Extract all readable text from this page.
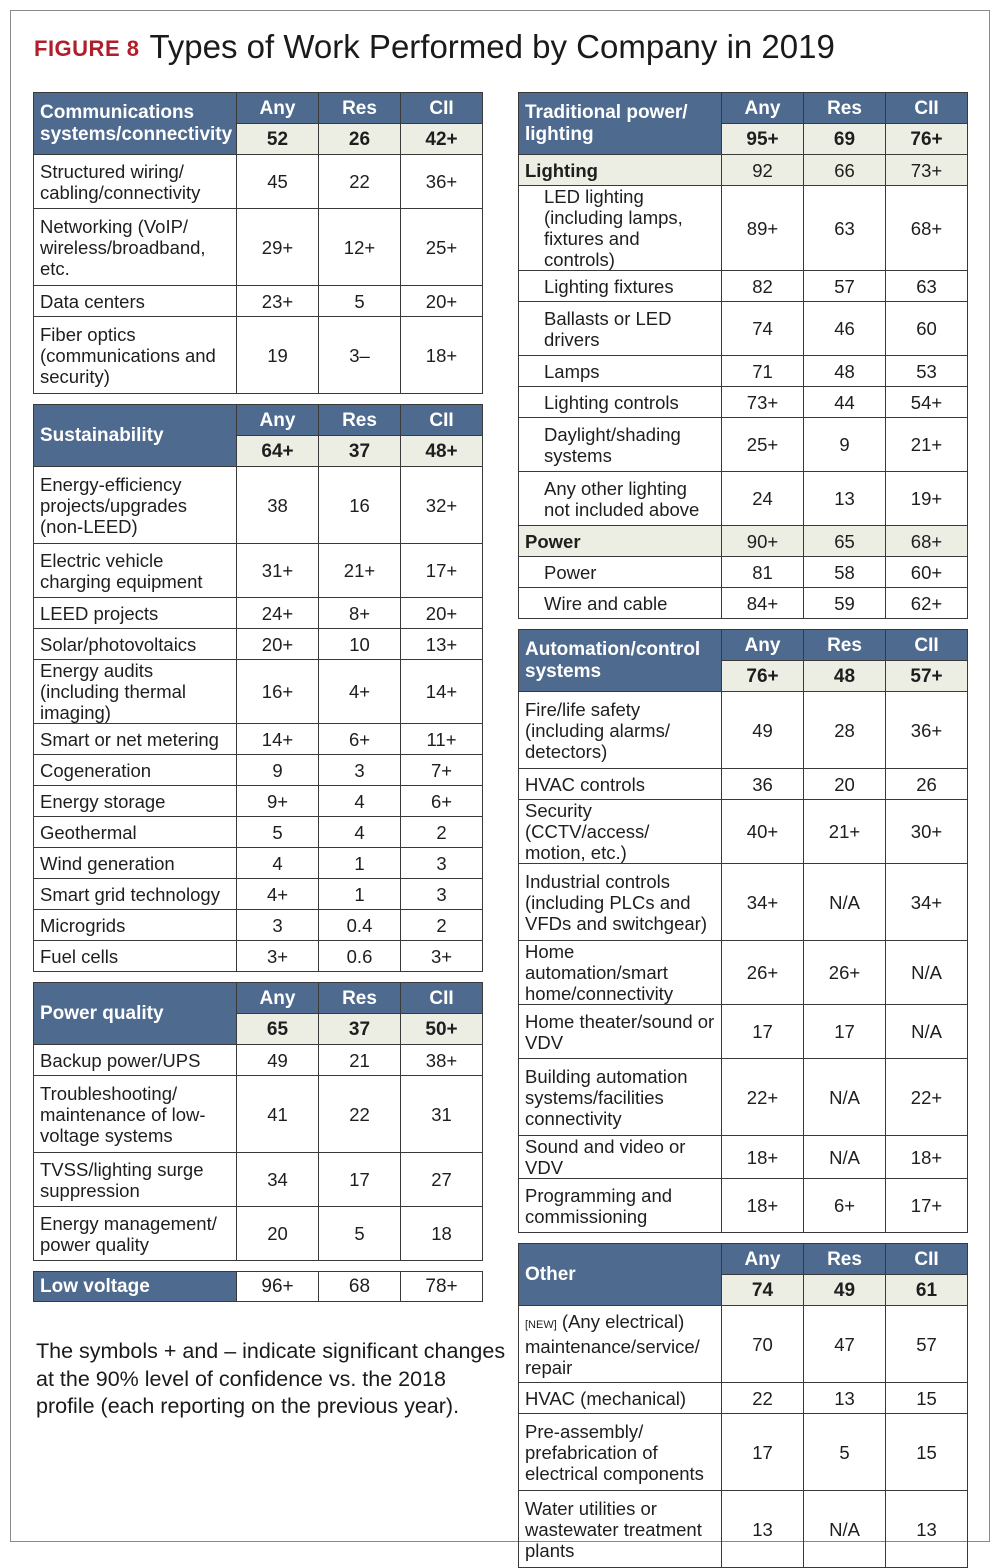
FIGURE 8 Types of Work Performed by Company in 2019
Communications systems/connectivity	Any	Res	CII
	52	26	42+
Structured wiring/ cabling/connectivity	45	22	36+
Networking (VoIP/ wireless/broadband, etc.	29+	12+	25+
Data centers	23+	5	20+
Fiber optics (communications and security)	19	3–	18+
Sustainability	Any	Res	CII
	64+	37	48+
Energy-efficiency projects/upgrades (non-LEED)	38	16	32+
Electric vehicle charging equipment	31+	21+	17+
LEED projects	24+	8+	20+
Solar/photovoltaics	20+	10	13+
Energy audits (including thermal imaging)	16+	4+	14+
Smart or net metering	14+	6+	11+
Cogeneration	9	3	7+
Energy storage	9+	4	6+
Geothermal	5	4	2
Wind generation	4	1	3
Smart grid technology	4+	1	3
Microgrids	3	0.4	2
Fuel cells	3+	0.6	3+
Power quality	Any	Res	CII
	65	37	50+
Backup power/UPS	49	21	38+
Troubleshooting/ maintenance of low-voltage systems	41	22	31
TVSS/lighting surge suppression	34	17	27
Energy management/ power quality	20	5	18
Low voltage	96+	68	78+
Traditional power/ lighting	Any	Res	CII
	95+	69	76+
Lighting	92	66	73+
LED lighting (including lamps, fixtures and controls)	89+	63	68+
Lighting fixtures	82	57	63
Ballasts or LED drivers	74	46	60
Lamps	71	48	53
Lighting controls	73+	44	54+
Daylight/shading systems	25+	9	21+
Any other lighting not included above	24	13	19+
Power	90+	65	68+
Power	81	58	60+
Wire and cable	84+	59	62+
Automation/control systems	Any	Res	CII
	76+	48	57+
Fire/life safety (including alarms/ detectors)	49	28	36+
HVAC controls	36	20	26
Security (CCTV/access/ motion, etc.)	40+	21+	30+
Industrial controls (including PLCs and VFDs and switchgear)	34+	N/A	34+
Home automation/smart home/connectivity	26+	26+	N/A
Home theater/sound or VDV	17	17	N/A
Building automation systems/facilities connectivity	22+	N/A	22+
Sound and video or VDV	18+	N/A	18+
Programming and commissioning	18+	6+	17+
Other	Any	Res	CII
	74	49	61
[NEW] (Any electrical) maintenance/service/ repair	70	47	57
HVAC (mechanical)	22	13	15
Pre-assembly/ prefabrication of electrical components	17	5	15
Water utilities or wastewater treatment plants	13	N/A	13
The symbols + and – indicate significant changes at the 90% level of confidence vs. the 2018 profile (each reporting on the previous year).
